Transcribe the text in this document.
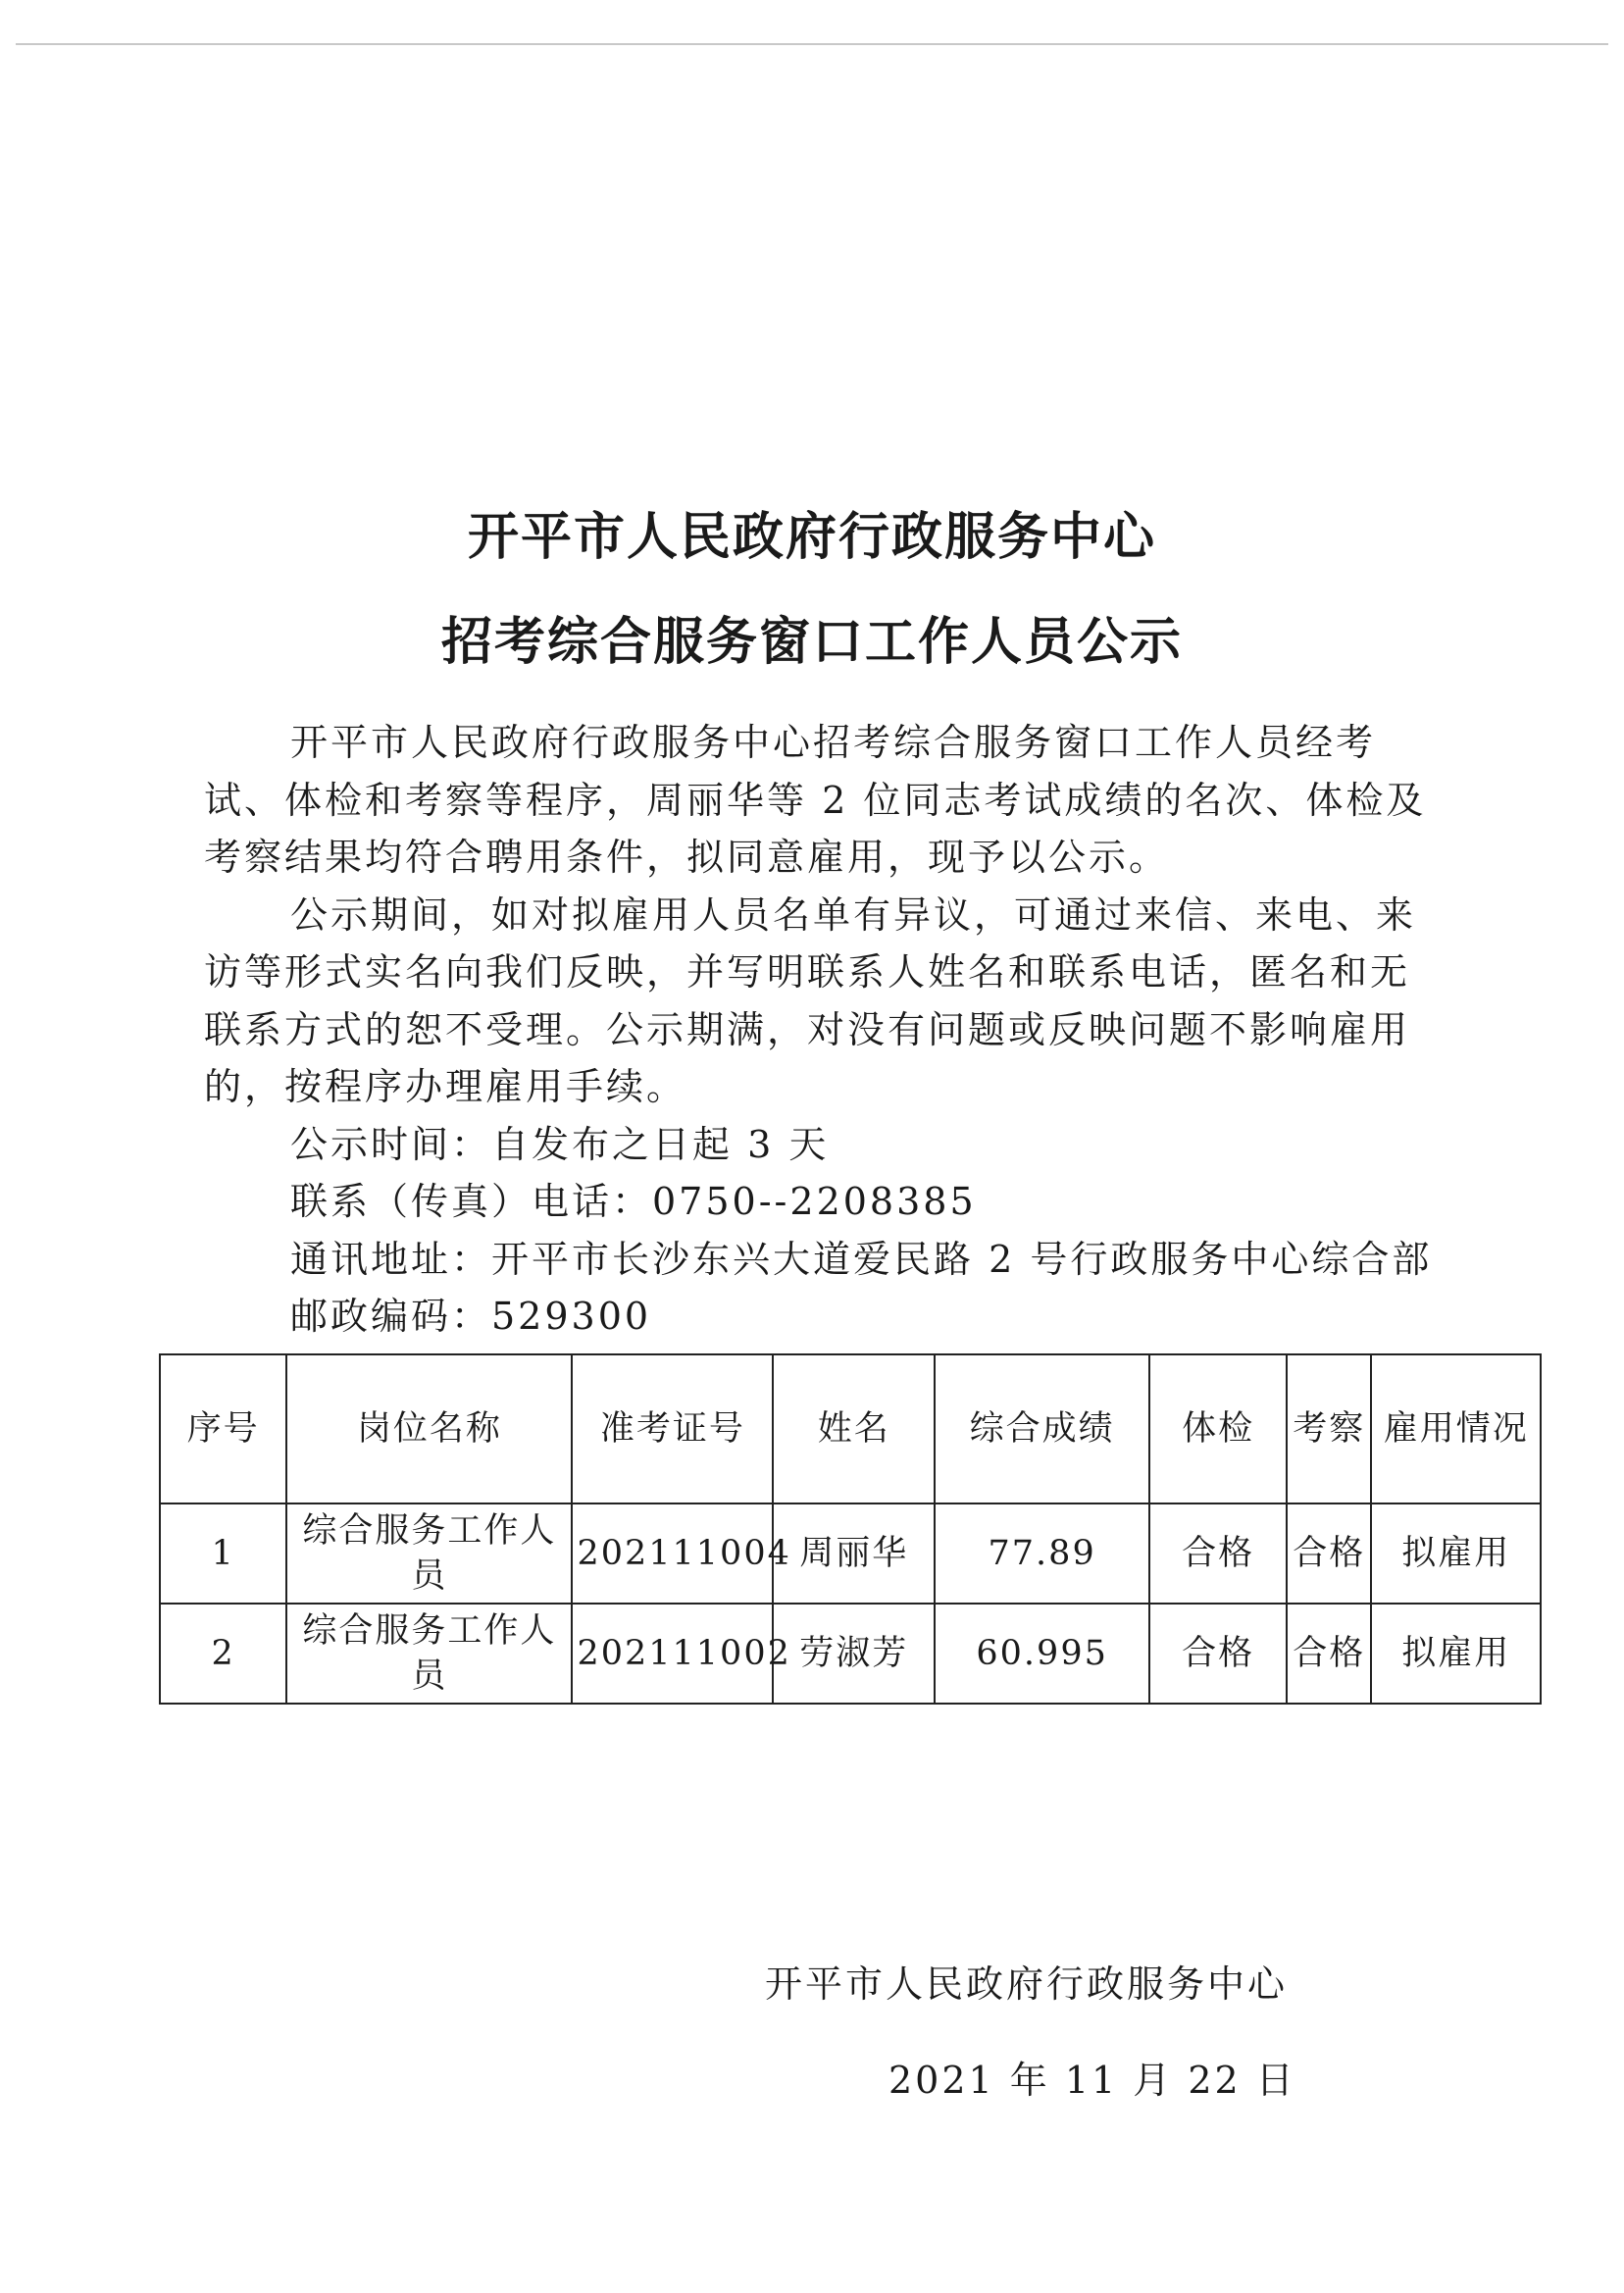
开平市人民政府行政服务中心
招考综合服务窗口工作人员公示

开平市人民政府行政服务中心招考综合服务窗口工作人员经考试、体检和考察等程序，周丽华等 2 位同志考试成绩的名次、体检及考察结果均符合聘用条件，拟同意雇用，现予以公示。

公示期间，如对拟雇用人员名单有异议，可通过来信、来电、来访等形式实名向我们反映，并写明联系人姓名和联系电话，匿名和无联系方式的恕不受理。公示期满，对没有问题或反映问题不影响雇用的，按程序办理雇用手续。

公示时间：自发布之日起 3 天
联系（传真）电话：0750--2208385
通讯地址：开平市长沙东兴大道爱民路 2 号行政服务中心综合部
邮政编码：529300
序号	岗位名称	准考证号	姓名	综合成绩	体检	考察	雇用情况
1	综合服务工作人员	202111004	周丽华	77.89	合格	合格	拟雇用
2	综合服务工作人员	202111002	劳淑芳	60.995	合格	合格	拟雇用
开平市人民政府行政服务中心
2021 年 11 月 22 日
